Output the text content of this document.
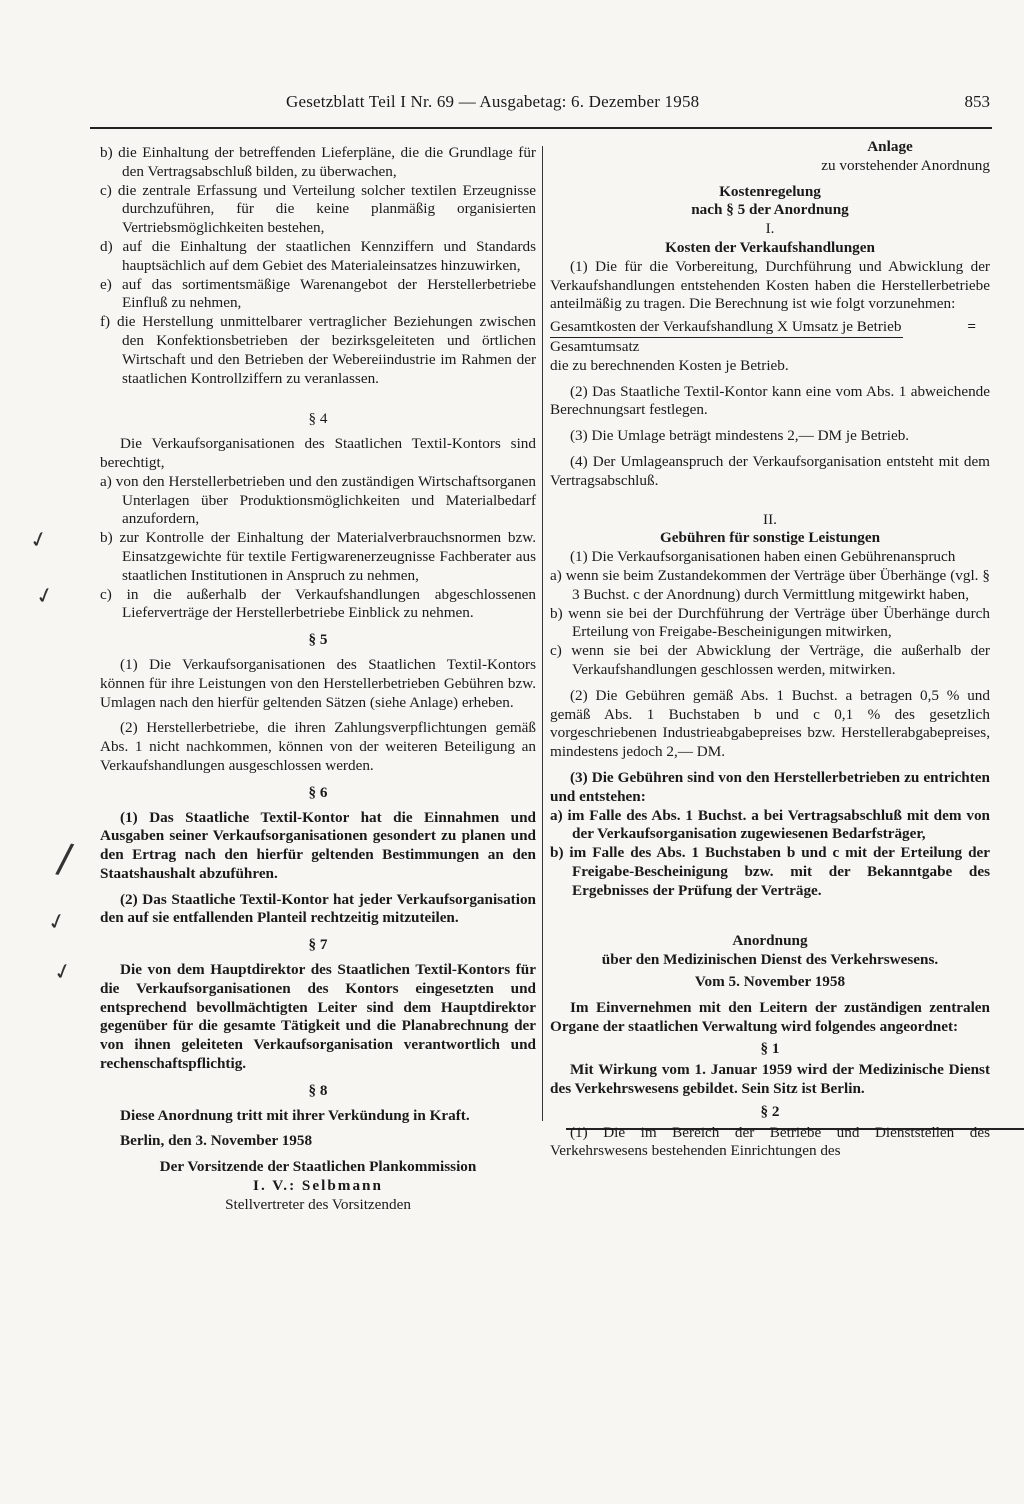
Gesetzblatt Teil I Nr. 69 — Ausgabetag: 6. Dezember 1958	853
✓
✓
/
✓
✓

b) die Einhaltung der betreffenden Lieferpläne, die die Grundlage für den Vertragsabschluß bilden, zu überwachen,

c) die zentrale Erfassung und Verteilung solcher textilen Erzeugnisse durchzuführen, für die keine planmäßig organisierten Vertriebsmöglichkeiten bestehen,

d) auf die Einhaltung der staatlichen Kennziffern und Standards hauptsächlich auf dem Gebiet des Materialeinsatzes hinzuwirken,

e) auf das sortimentsmäßige Warenangebot der Herstellerbetriebe Einfluß zu nehmen,

f) die Herstellung unmittelbarer vertraglicher Beziehungen zwischen den Konfektionsbetrieben der bezirksgeleiteten und örtlichen Wirtschaft und den Betrieben der Webereiindustrie im Rahmen der staatlichen Kontrollziffern zu veranlassen.

§ 4

Die Verkaufsorganisationen des Staatlichen Textil-Kontors sind berechtigt,

a) von den Herstellerbetrieben und den zuständigen Wirtschaftsorganen Unterlagen über Produktionsmöglichkeiten und Materialbedarf anzufordern,

b) zur Kontrolle der Einhaltung der Materialverbrauchsnormen bzw. Einsatzgewichte für textile Fertigwarenerzeugnisse Fachberater aus staatlichen Institutionen in Anspruch zu nehmen,

c) in die außerhalb der Verkaufshandlungen abgeschlossenen Lieferverträge der Herstellerbetriebe Einblick zu nehmen.

§ 5

(1) Die Verkaufsorganisationen des Staatlichen Textil-Kontors können für ihre Leistungen von den Herstellerbetrieben Gebühren bzw. Umlagen nach den hierfür geltenden Sätzen (siehe Anlage) erheben.

(2) Herstellerbetriebe, die ihren Zahlungsverpflichtungen gemäß Abs. 1 nicht nachkommen, können von der weiteren Beteiligung an Verkaufshandlungen ausgeschlossen werden.

§ 6

(1) Das Staatliche Textil-Kontor hat die Einnahmen und Ausgaben seiner Verkaufsorganisationen gesondert zu planen und den Ertrag nach den hierfür geltenden Bestimmungen an den Staatshaushalt abzuführen.

(2) Das Staatliche Textil-Kontor hat jeder Verkaufsorganisation den auf sie entfallenden Planteil rechtzeitig mitzuteilen.

§ 7

Die von dem Hauptdirektor des Staatlichen Textil-Kontors für die Verkaufsorganisationen des Kontors eingesetzten und entsprechend bevollmächtigten Leiter sind dem Hauptdirektor gegenüber für die gesamte Tätigkeit und die Planabrechnung der von ihnen geleiteten Verkaufsorganisation verantwortlich und rechenschaftspflichtig.

§ 8

Diese Anordnung tritt mit ihrer Verkündung in Kraft.

Berlin, den 3. November 1958

Der Vorsitzende der Staatlichen Plankommission

I. V.: Selbmann

Stellvertreter des Vorsitzenden

Anlage

zu vorstehender Anordnung

Kostenregelung

nach § 5 der Anordnung

I.

Kosten der Verkaufshandlungen

(1) Die für die Vorbereitung, Durchführung und Abwicklung der Verkaufshandlungen entstehenden Kosten haben die Herstellerbetriebe anteilmäßig zu tragen. Die Berechnung ist wie folgt vorzunehmen:

Gesamtkosten der Verkaufshandlung X Umsatz je Betrieb	=

Gesamtumsatz

die zu berechnenden Kosten je Betrieb.

(2) Das Staatliche Textil-Kontor kann eine vom Abs. 1 abweichende Berechnungsart festlegen.

(3) Die Umlage beträgt mindestens 2,— DM je Betrieb.

(4) Der Umlageanspruch der Verkaufsorganisation entsteht mit dem Vertragsabschluß.

II.

Gebühren für sonstige Leistungen

(1) Die Verkaufsorganisationen haben einen Gebührenanspruch

a) wenn sie beim Zustandekommen der Verträge über Überhänge (vgl. § 3 Buchst. c der Anordnung) durch Vermittlung mitgewirkt haben,

b) wenn sie bei der Durchführung der Verträge über Überhänge durch Erteilung von Freigabe-Bescheinigungen mitwirken,

c) wenn sie bei der Abwicklung der Verträge, die außerhalb der Verkaufshandlungen geschlossen werden, mitwirken.

(2) Die Gebühren gemäß Abs. 1 Buchst. a betragen 0,5 % und gemäß Abs. 1 Buchstaben b und c 0,1 % des gesetzlich vorgeschriebenen Industrieabgabepreises bzw. Herstellerabgabepreises, mindestens jedoch 2,— DM.

(3) Die Gebühren sind von den Herstellerbetrieben zu entrichten und entstehen:

a) im Falle des Abs. 1 Buchst. a bei Vertragsabschluß mit dem von der Verkaufsorganisation zugewiesenen Bedarfsträger,

b) im Falle des Abs. 1 Buchstaben b und c mit der Erteilung der Freigabe-Bescheinigung bzw. mit der Bekanntgabe des Ergebnisses der Prüfung der Verträge.

Anordnung

über den Medizinischen Dienst des Verkehrswesens.

Vom 5. November 1958

Im Einvernehmen mit den Leitern der zuständigen zentralen Organe der staatlichen Verwaltung wird folgendes angeordnet:

§ 1

Mit Wirkung vom 1. Januar 1959 wird der Medizinische Dienst des Verkehrswesens gebildet. Sein Sitz ist Berlin.

§ 2

(1) Die im Bereich der Betriebe und Dienststellen des Verkehrswesens bestehenden Einrichtungen des
